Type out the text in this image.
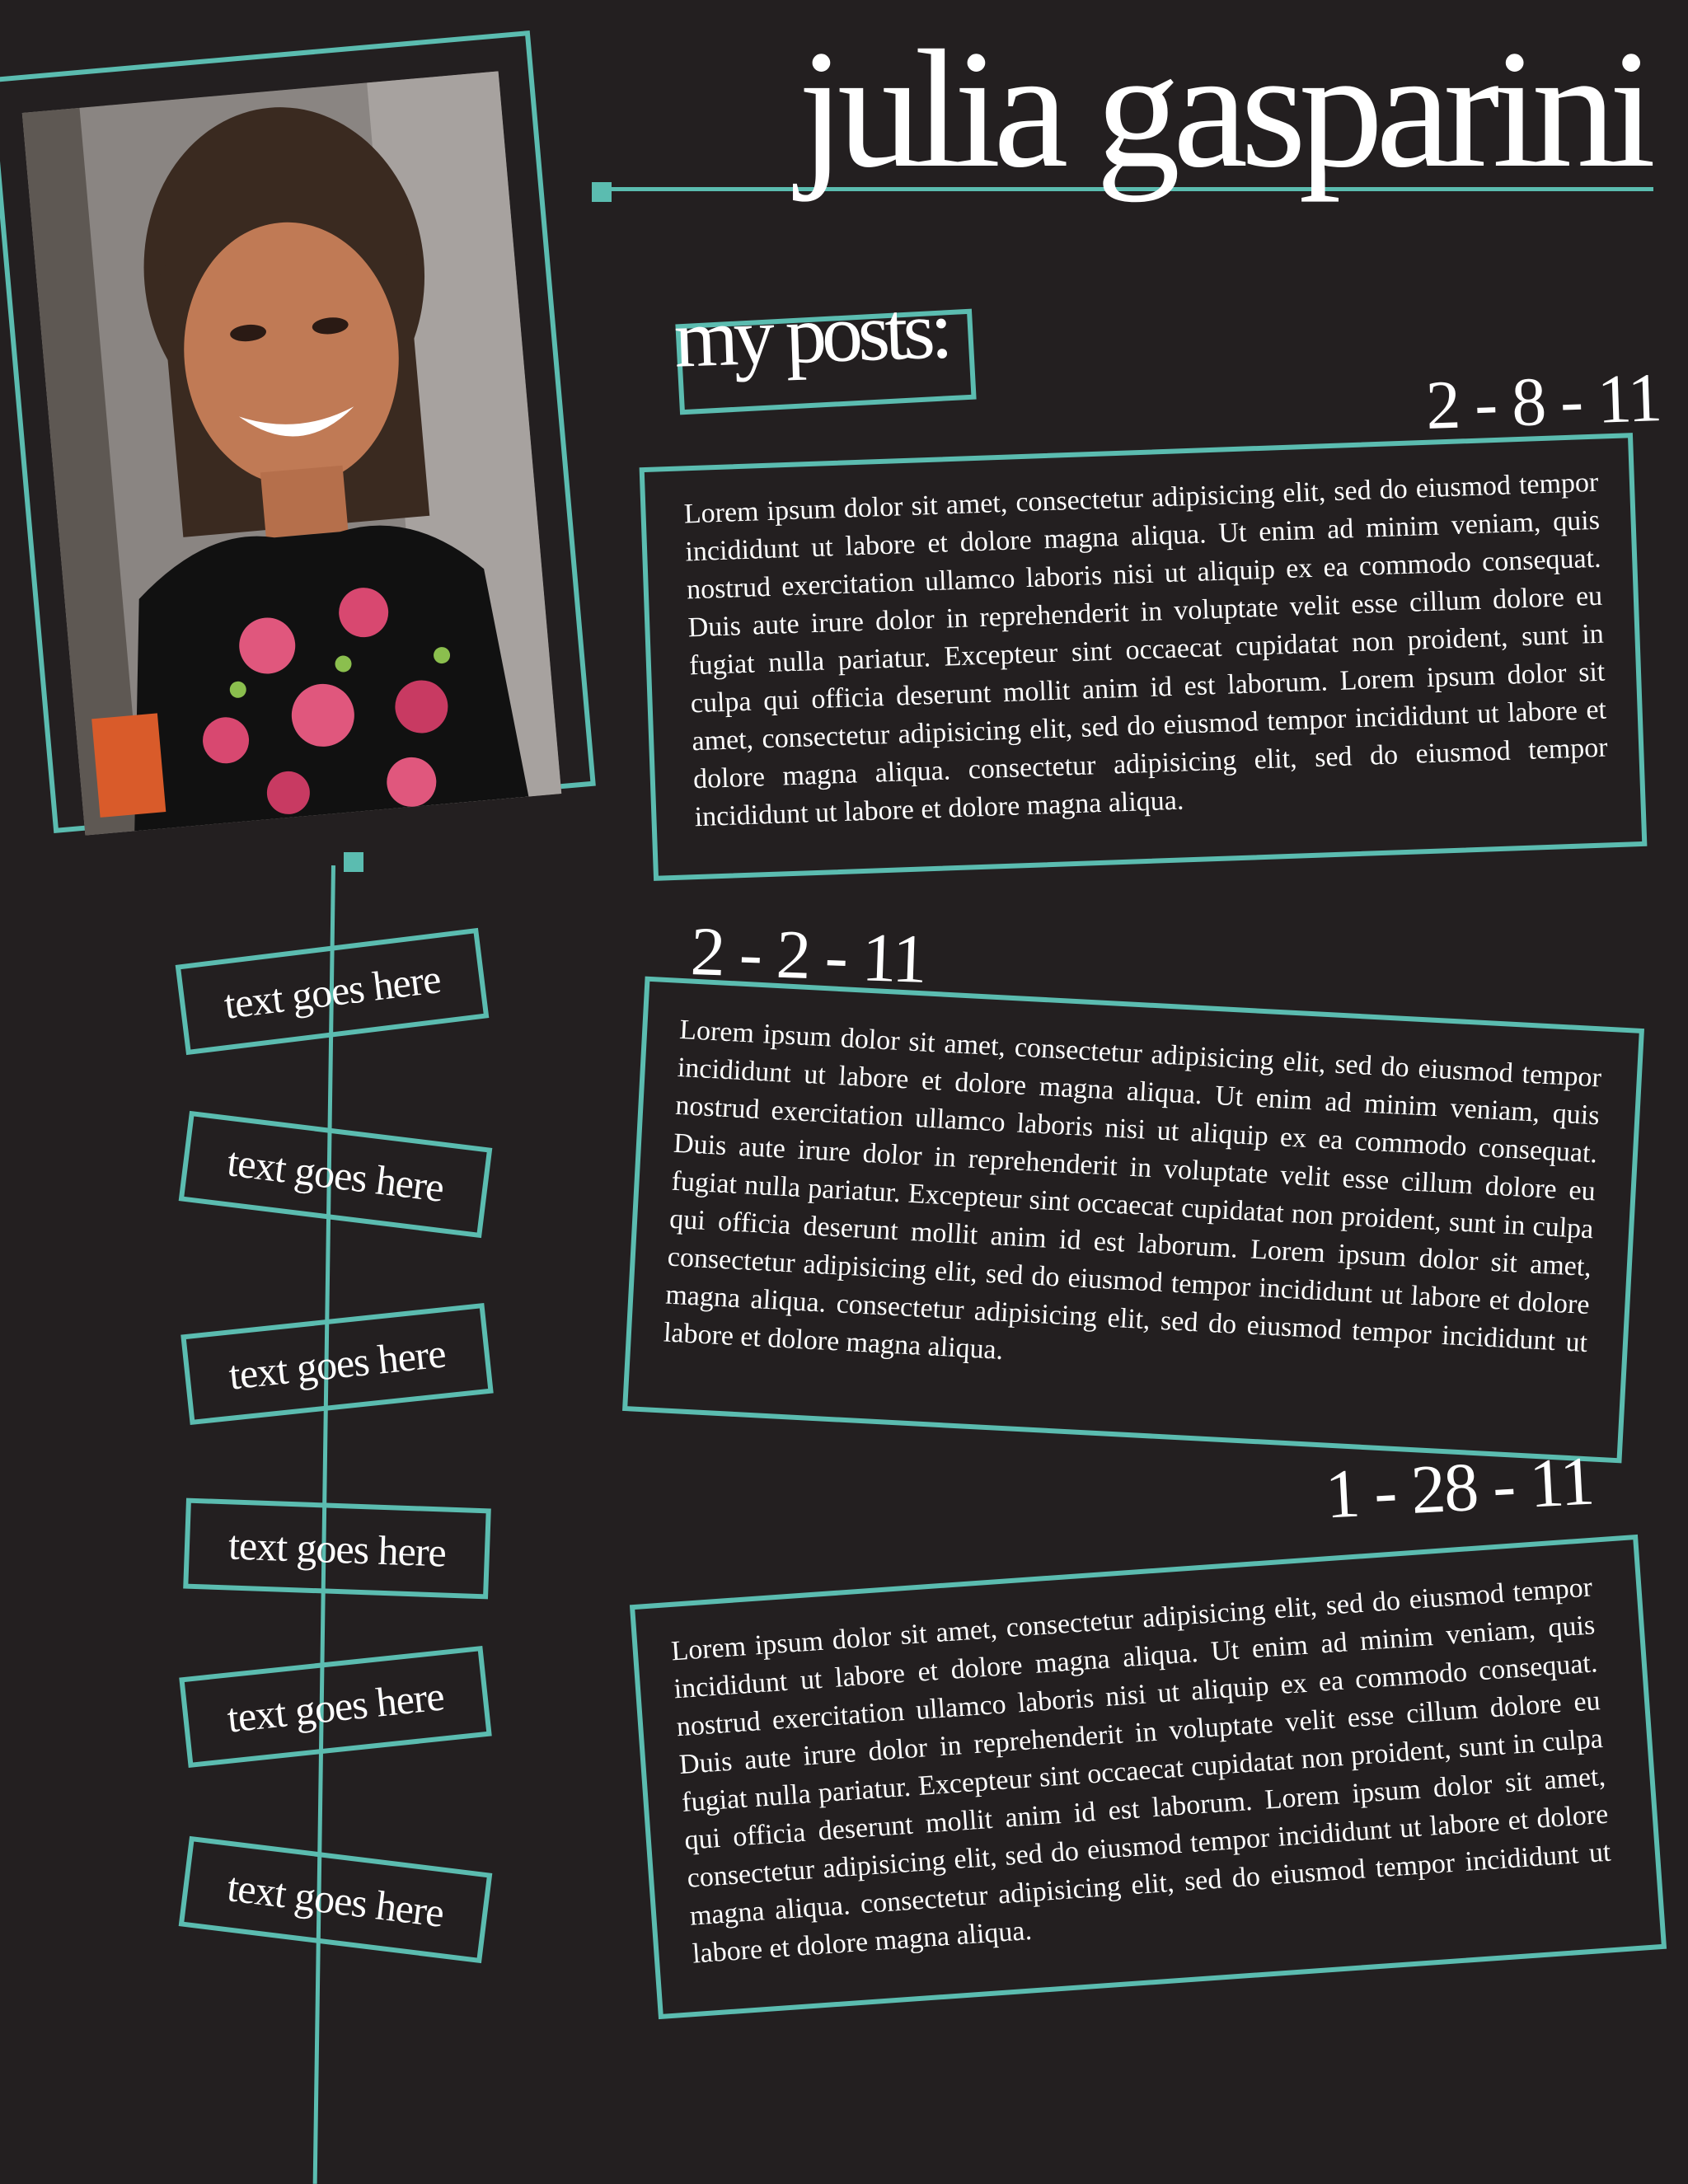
julia gasparini
my posts:
2 - 8 - 11
Lorem ipsum dolor sit amet, consectetur adipisicing elit, sed do eiusmod tempor incididunt ut labore et dolore magna aliqua. Ut enim ad minim veniam, quis nostrud exercitation ullamco laboris nisi ut aliquip ex ea commodo consequat. Duis aute irure dolor in reprehenderit in voluptate velit esse cillum dolore eu fugiat nulla pariatur. Excepteur sint occaecat cupidatat non proident, sunt in culpa qui officia deserunt mollit anim id est laborum. Lorem ipsum dolor sit amet, consectetur adipisicing elit, sed do eiusmod tempor incididunt ut labore et dolore magna aliqua. consectetur adipisicing elit, sed do eiusmod tempor incididunt ut labore et dolore magna aliqua.
2 - 2 - 11
Lorem ipsum dolor sit amet, consectetur adipisicing elit, sed do eiusmod tempor incididunt ut labore et dolore magna aliqua. Ut enim ad minim veniam, quis nostrud exercitation ullamco laboris nisi ut aliquip ex ea commodo consequat. Duis aute irure dolor in reprehenderit in voluptate velit esse cillum dolore eu fugiat nulla pariatur. Excepteur sint occaecat cupidatat non proident, sunt in culpa qui officia deserunt mollit anim id est laborum. Lorem ipsum dolor sit amet, consectetur adipisicing elit, sed do eiusmod tempor incididunt ut labore et dolore magna aliqua. consectetur adipisicing elit, sed do eiusmod tempor incididunt ut labore et dolore magna aliqua.
1 - 28 - 11
Lorem ipsum dolor sit amet, consectetur adipisicing elit, sed do eiusmod tempor incididunt ut labore et dolore magna aliqua. Ut enim ad minim veniam, quis nostrud exercitation ullamco laboris nisi ut aliquip ex ea commodo consequat. Duis aute irure dolor in reprehenderit in voluptate velit esse cillum dolore eu fugiat nulla pariatur. Excepteur sint occaecat cupidatat non proident, sunt in culpa qui officia deserunt mollit anim id est laborum. Lorem ipsum dolor sit amet, consectetur adipisicing elit, sed do eiusmod tempor incididunt ut labore et dolore magna aliqua. consectetur adipisicing elit, sed do eiusmod tempor incididunt ut labore et dolore magna aliqua.
text goes here
text goes here
text goes here
text goes here
text goes here
text goes here
